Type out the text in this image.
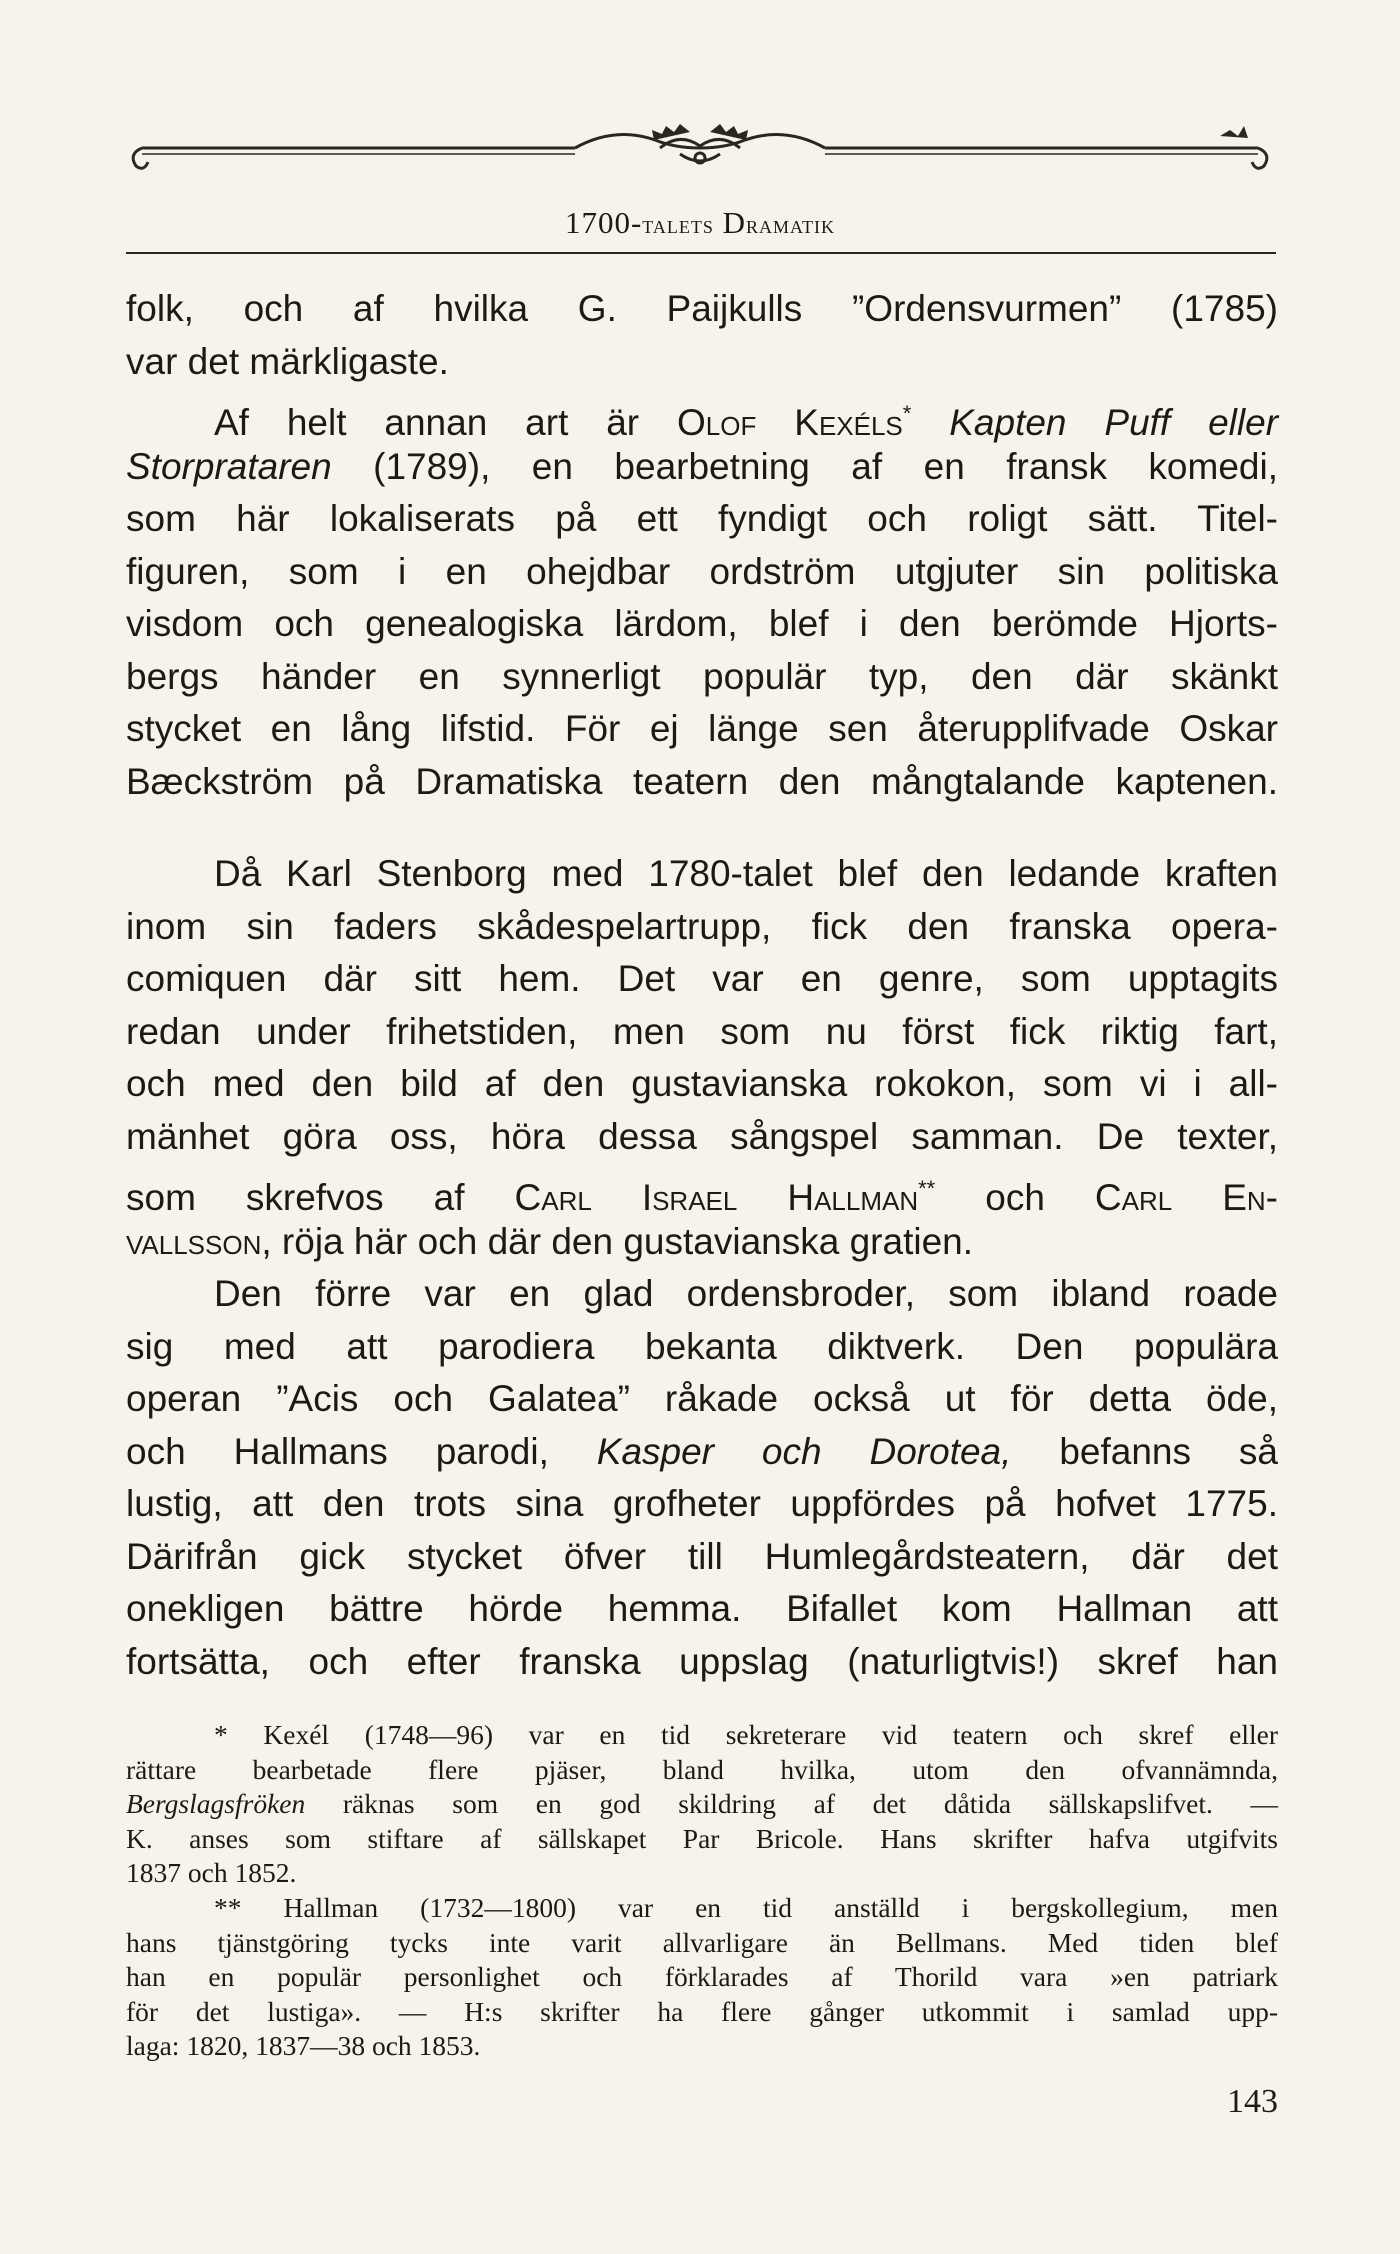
1700-talets Dramatik
folk, och af hvilka G. Paijkulls ”Ordensvurmen” (1785)
var det märkligaste.
Af helt annan art är Olof Kexéls* Kapten Puff eller
Storprataren (1789), en bearbetning af en fransk komedi,
som här lokaliserats på ett fyndigt och roligt sätt. Titel-
figuren, som i en ohejdbar ordström utgjuter sin politiska
visdom och genealogiska lärdom, blef i den berömde Hjorts-
bergs händer en synnerligt populär typ, den där skänkt
stycket en lång lifstid. För ej länge sen återupplifvade Oskar
Bæckström på Dramatiska teatern den mångtalande kaptenen.
Då Karl Stenborg med 1780-talet blef den ledande kraften
inom sin faders skådespelartrupp, fick den franska opera-
comiquen där sitt hem. Det var en genre, som upptagits
redan under frihetstiden, men som nu först fick riktig fart,
och med den bild af den gustavianska rokokon, som vi i all-
mänhet göra oss, höra dessa sångspel samman. De texter,
som skrefvos af Carl Israel Hallman** och Carl En-
vallsson, röja här och där den gustavianska gratien.
Den förre var en glad ordensbroder, som ibland roade
sig med att parodiera bekanta diktverk. Den populära
operan ”Acis och Galatea” råkade också ut för detta öde,
och Hallmans parodi, Kasper och Dorotea, befanns så
lustig, att den trots sina grofheter uppfördes på hofvet 1775.
Därifrån gick stycket öfver till Humlegårdsteatern, där det
onekligen bättre hörde hemma. Bifallet kom Hallman att
fortsätta, och efter franska uppslag (naturligtvis!) skref han
* Kexél (1748—96) var en tid sekreterare vid teatern och skref eller
rättare bearbetade flere pjäser, bland hvilka, utom den ofvannämnda,
Bergslagsfröken räknas som en god skildring af det dåtida sällskapslifvet. —
K. anses som stiftare af sällskapet Par Bricole. Hans skrifter hafva utgifvits
1837 och 1852.
** Hallman (1732—1800) var en tid anställd i bergskollegium, men
hans tjänstgöring tycks inte varit allvarligare än Bellmans. Med tiden blef
han en populär personlighet och förklarades af Thorild vara »en patriark
för det lustiga». — H:s skrifter ha flere gånger utkommit i samlad upp-
laga: 1820, 1837—38 och 1853.
143
